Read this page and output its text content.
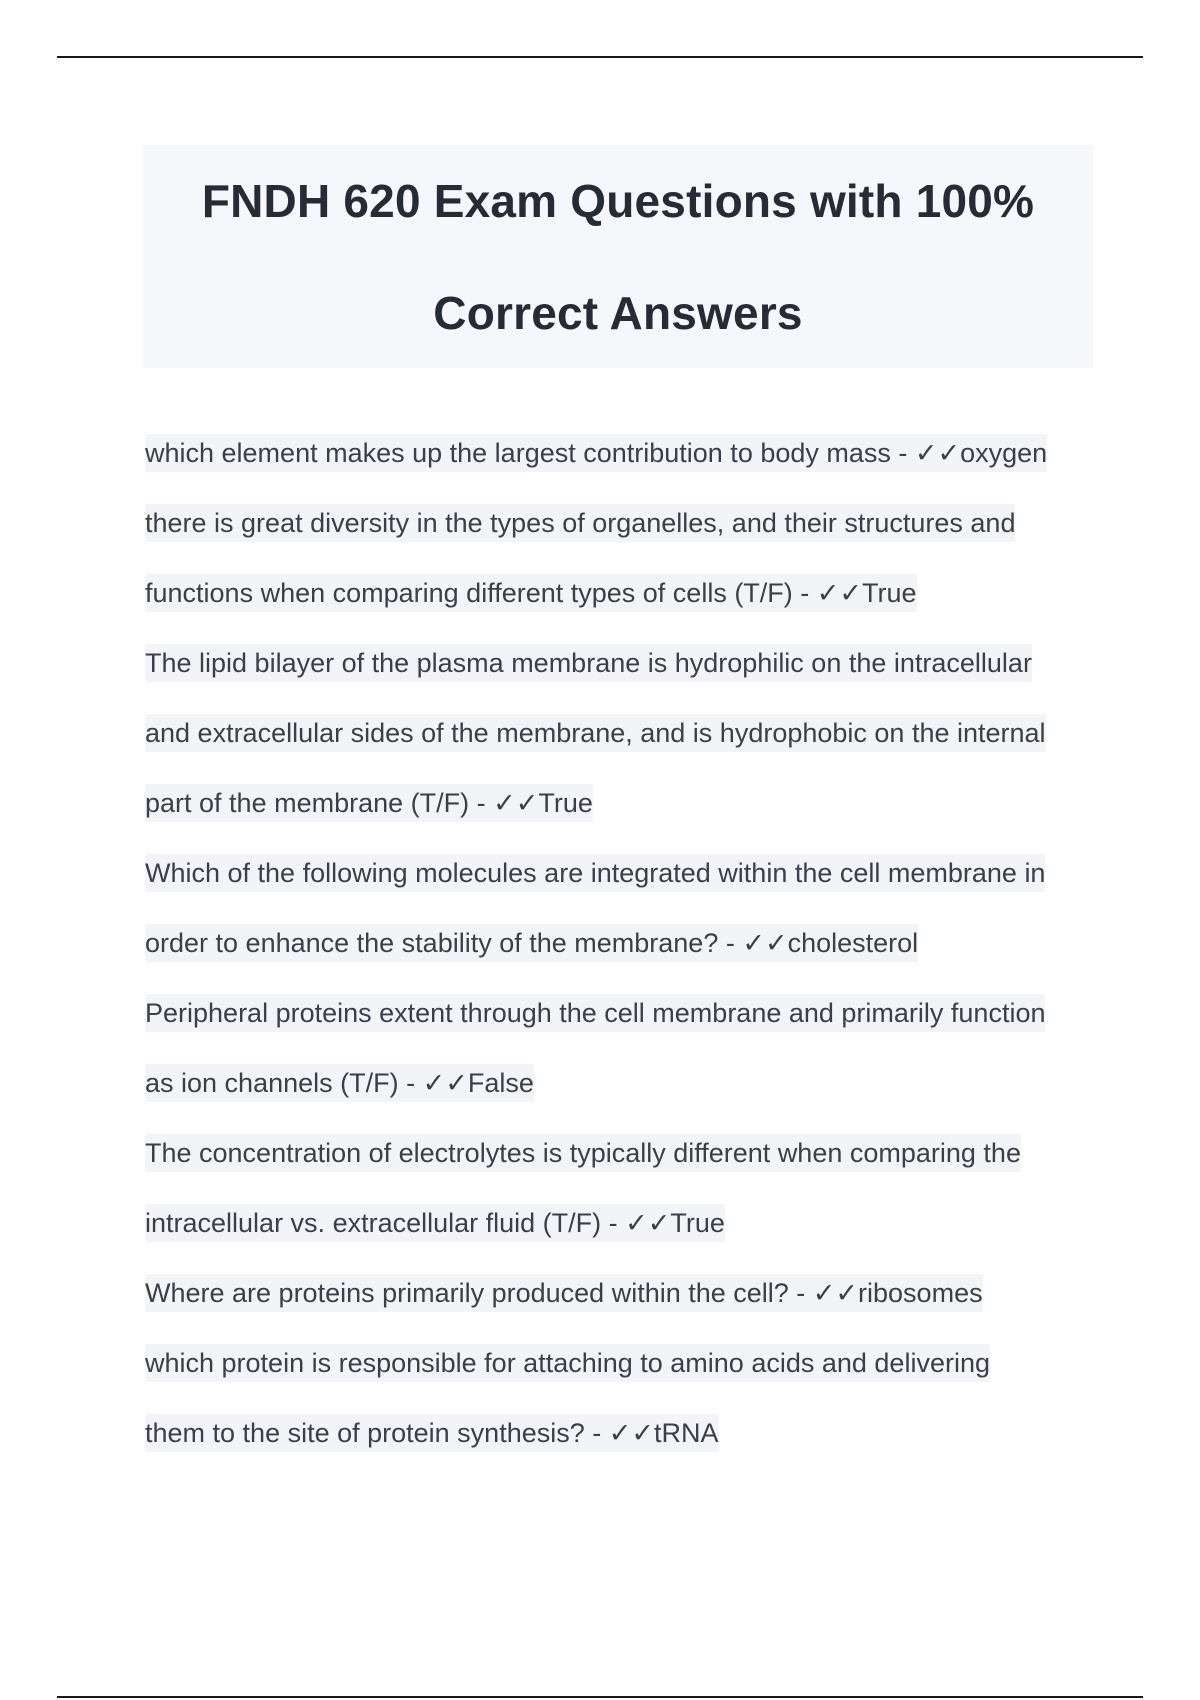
FNDH 620 Exam Questions with 100%
Correct Answers
which element makes up the largest contribution to body mass - ✓✓oxygen
there is great diversity in the types of organelles, and their structures and
functions when comparing different types of cells (T/F) - ✓✓True
The lipid bilayer of the plasma membrane is hydrophilic on the intracellular
and extracellular sides of the membrane, and is hydrophobic on the internal
part of the membrane (T/F) - ✓✓True
Which of the following molecules are integrated within the cell membrane in
order to enhance the stability of the membrane? - ✓✓cholesterol
Peripheral proteins extent through the cell membrane and primarily function
as ion channels (T/F) - ✓✓False
The concentration of electrolytes is typically different when comparing the
intracellular vs. extracellular fluid (T/F) - ✓✓True
Where are proteins primarily produced within the cell? - ✓✓ribosomes
which protein is responsible for attaching to amino acids and delivering
them to the site of protein synthesis? - ✓✓tRNA
